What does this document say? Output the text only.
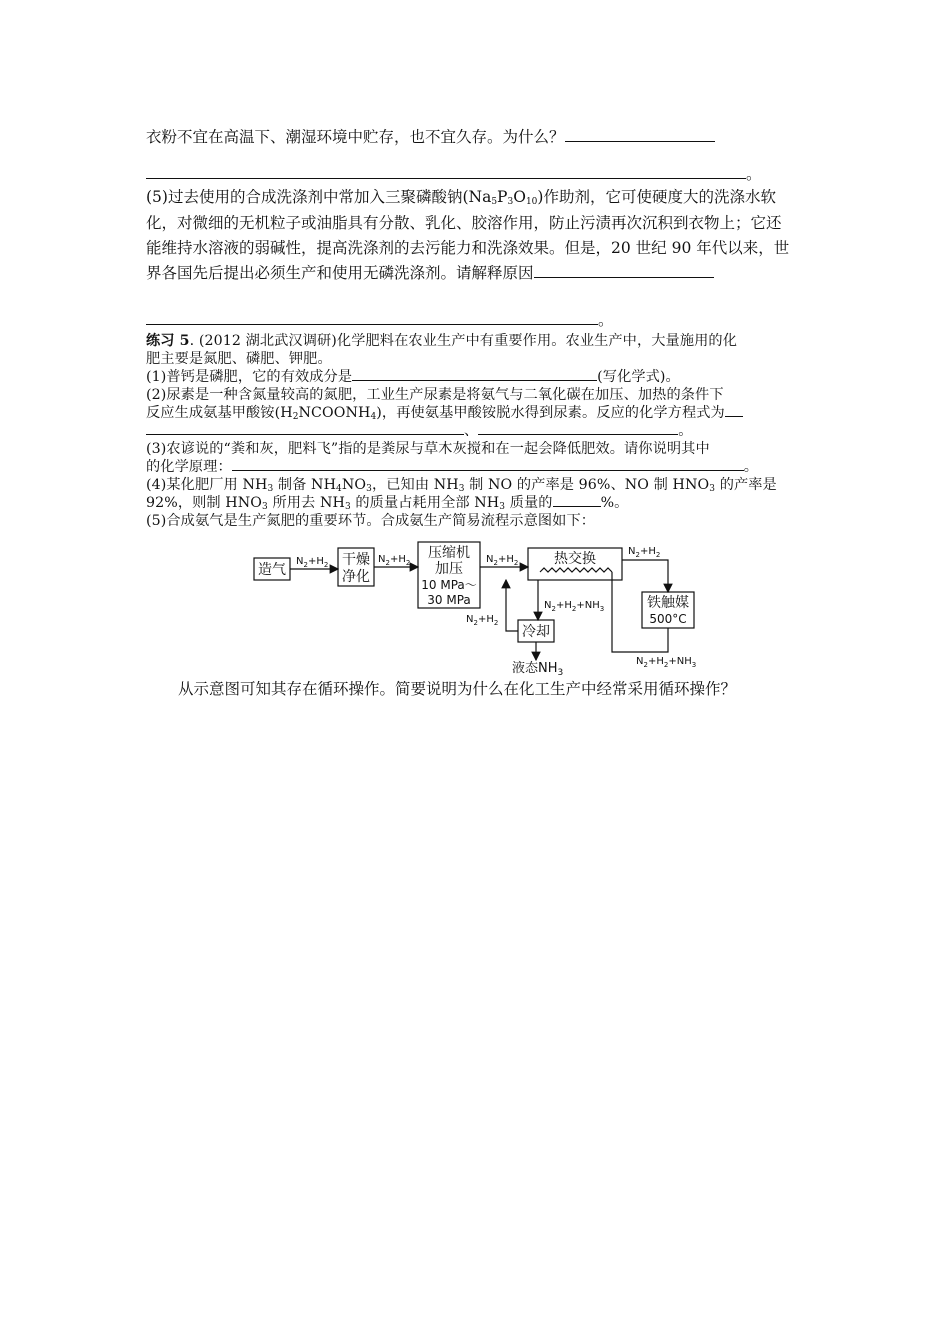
衣粉不宜在高温下、潮湿环境中贮存，也不宜久存。为什么？
。
(5)过去使用的合成洗涤剂中常加入三聚磷酸钠$(Na_5P_3O_{10})$作助剂，它可使硬度大的洗涤水软
化，对微细的无机粒子或油脂具有分散、乳化、胶溶作用，防止污渍再次沉积到衣物上；它还
能维持水溶液的弱碱性，提高洗涤剂的去污能力和洗涤效果。但是，20 世纪 90 年代以来，世
界各国先后提出必须生产和使用无磷洗涤剂。请解释原因
。
练习 5. (2012 湖北武汉调研)化学肥料在农业生产中有重要作用。农业生产中，大量施用的化
肥主要是氮肥、磷肥、钾肥。
(1)普钙是磷肥，它的有效成分是	(写化学式)。
(2)尿素是一种含氮量较高的氮肥，工业生产尿素是将氨气与二氧化碳在加压、加热的条件下
反应生成氨基甲酸铵$(H_2NCOONH_4)$，再使氨基甲酸铵脱水得到尿素。反应的化学方程式为
、	。
(3)农谚说的“粪和灰，肥料飞”指的是粪尿与草木灰搅和在一起会降低肥效。请你说明其中
的化学原理：	。
(4)某化肥厂用 $NH_3$ 制备 $NH_4NO_3$，已知由 $NH_3$ 制 NO 的产率是 96%、NO 制 $HNO_3$ 的产率是
92%，则制 $HNO_3$ 所用去 $NH_3$ 的质量占耗用全部 $NH_3$ 质量的	%。
(5)合成氨气是生产氮肥的重要环节。合成氨生产简易流程示意图如下：
造气
干燥
净化
压缩机
加压
10 MPa～
30 MPa
热交换
铁触媒
500°C
冷却
$N_2+H_2$	$N_2+H_2$	$N_2+H_2$
$N_2+H_2$
$N_2+H_2+NH_3$
$N_2+H_2$
$N_2+H_2+NH_3$
液态$NH_3$
从示意图可知其存在循环操作。简要说明为什么在化工生产中经常采用循环操作？
